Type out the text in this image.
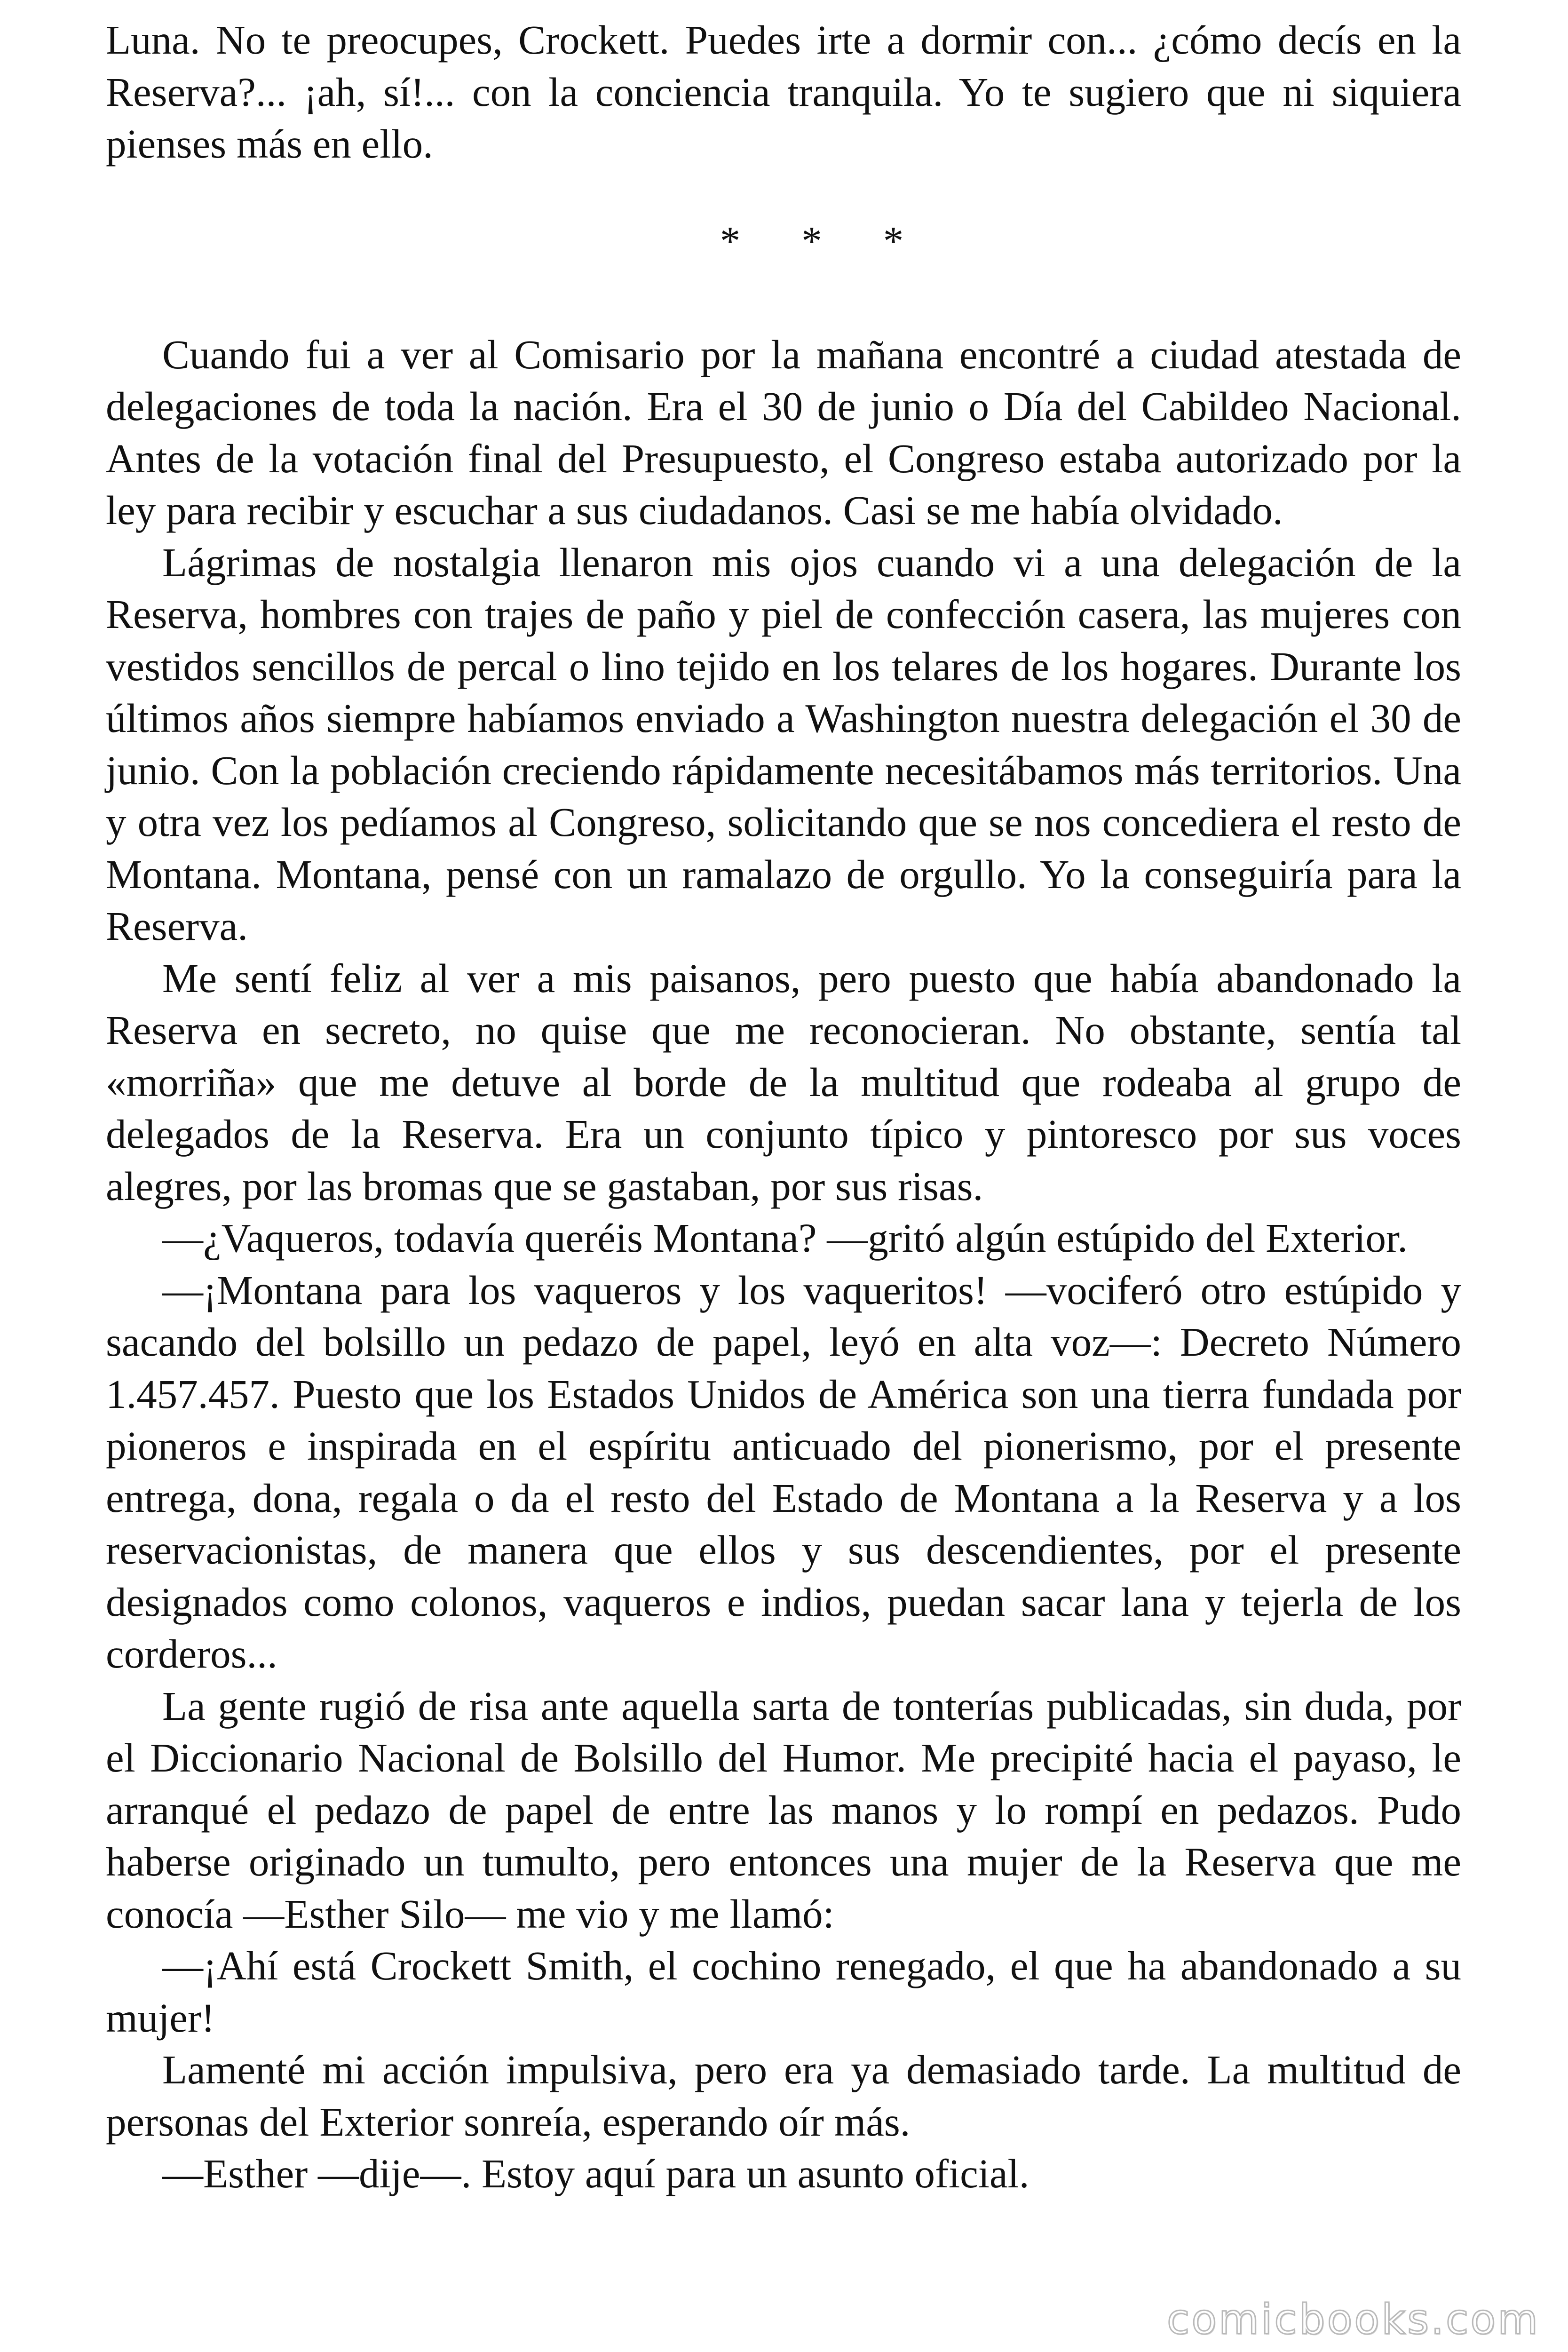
Luna. No te preocupes, Crockett. Puedes irte a dormir con... ¿cómo decís en la Reserva?... ¡ah, sí!... con la conciencia tranquila. Yo te sugiero que ni siquiera pienses más en ello.

* * *

Cuando fui a ver al Comisario por la mañana encontré a ciudad atestada de delegaciones de toda la nación. Era el 30 de junio o Día del Cabildeo Nacional. Antes de la votación final del Presupuesto, el Congreso estaba autorizado por la ley para recibir y escuchar a sus ciudadanos. Casi se me había olvidado.

Lágrimas de nostalgia llenaron mis ojos cuando vi a una delegación de la Reserva, hombres con trajes de paño y piel de confección casera, las mujeres con vestidos sencillos de percal o lino tejido en los telares de los hogares. Durante los últimos años siempre habíamos enviado a Washington nuestra delegación el 30 de junio. Con la población creciendo rápidamente necesitábamos más territorios. Una y otra vez los pedíamos al Congreso, solicitando que se nos concediera el resto de Montana. Montana, pensé con un ramalazo de orgullo. Yo la conseguiría para la Reserva.

Me sentí feliz al ver a mis paisanos, pero puesto que había abandonado la Reserva en secreto, no quise que me reconocieran. No obstante, sentía tal «morriña» que me detuve al borde de la multitud que rodeaba al grupo de delegados de la Reserva. Era un conjunto típico y pintoresco por sus voces alegres, por las bromas que se gastaban, por sus risas.

—¿Vaqueros, todavía queréis Montana? —gritó algún estúpido del Exterior.

—¡Montana para los vaqueros y los vaqueritos! —vociferó otro estúpido y sacando del bolsillo un pedazo de papel, leyó en alta voz—: Decreto Número 1.457.457. Puesto que los Estados Unidos de América son una tierra fundada por pioneros e inspirada en el espíritu anticuado del pionerismo, por el presente entrega, dona, regala o da el resto del Estado de Montana a la Reserva y a los reservacionistas, de manera que ellos y sus descendientes, por el presente designados como colonos, vaqueros e indios, puedan sacar lana y tejerla de los corderos...

La gente rugió de risa ante aquella sarta de tonterías publicadas, sin duda, por el Diccionario Nacional de Bolsillo del Humor. Me precipité hacia el payaso, le arranqué el pedazo de papel de entre las manos y lo rompí en pedazos. Pudo haberse originado un tumulto, pero entonces una mujer de la Reserva que me conocía —Esther Silo— me vio y me llamó:

—¡Ahí está Crockett Smith, el cochino renegado, el que ha abandonado a su mujer!

Lamenté mi acción impulsiva, pero era ya demasiado tarde. La multitud de personas del Exterior sonreía, esperando oír más.

—Esther —dije—. Estoy aquí para un asunto oficial.

comicbooks.com
